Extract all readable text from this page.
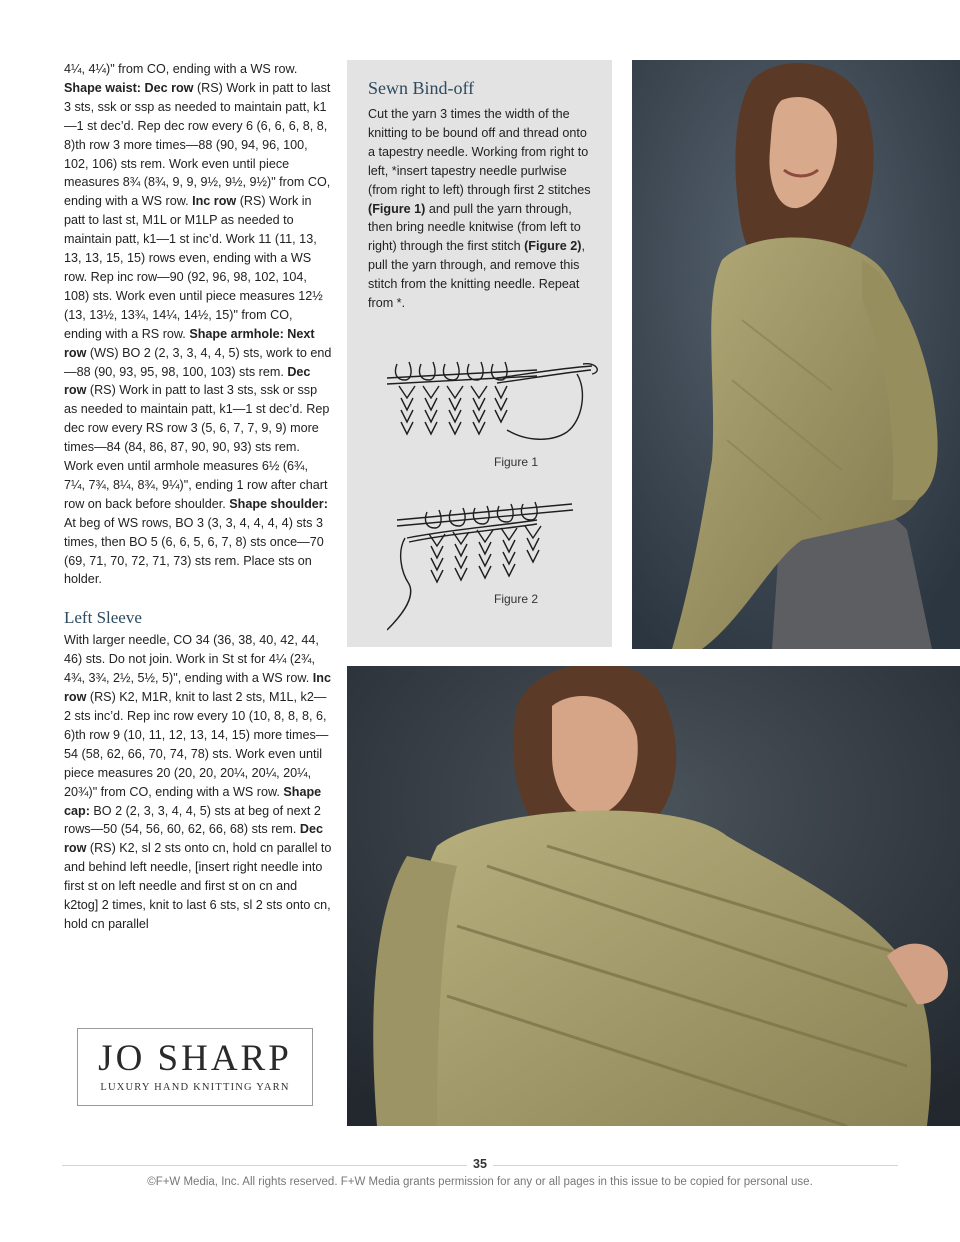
4¼, 4¼)" from CO, ending with a WS row. Shape waist: Dec row (RS) Work in patt to last 3 sts, ssk or ssp as needed to maintain patt, k1—1 st dec’d. Rep dec row every 6 (6, 6, 6, 8, 8, 8)th row 3 more times—88 (90, 94, 96, 100, 102, 106) sts rem. Work even until piece measures 8¾ (8¾, 9, 9, 9½, 9½, 9½)" from CO, ending with a WS row. Inc row (RS) Work in patt to last st, M1L or M1LP as needed to maintain patt, k1—1 st inc’d. Work 11 (11, 13, 13, 13, 15, 15) rows even, ending with a WS row. Rep inc row—90 (92, 96, 98, 102, 104, 108) sts. Work even until piece measures 12½ (13, 13½, 13¾, 14¼, 14½, 15)" from CO, ending with a RS row. Shape armhole: Next row (WS) BO 2 (2, 3, 3, 4, 4, 5) sts, work to end—88 (90, 93, 95, 98, 100, 103) sts rem. Dec row (RS) Work in patt to last 3 sts, ssk or ssp as needed to maintain patt, k1—1 st dec’d. Rep dec row every RS row 3 (5, 6, 7, 7, 9, 9) more times—84 (84, 86, 87, 90, 90, 93) sts rem. Work even until armhole measures 6½ (6¾, 7¼, 7¾, 8¼, 8¾, 9¼)", ending 1 row after chart row on back before shoulder. Shape shoulder: At beg of WS rows, BO 3 (3, 3, 4, 4, 4, 4) sts 3 times, then BO 5 (6, 6, 5, 6, 7, 8) sts once—70 (69, 71, 70, 72, 71, 73) sts rem. Place sts on holder.

Left Sleeve

With larger needle, CO 34 (36, 38, 40, 42, 44, 46) sts. Do not join. Work in St st for 4¼ (2¾, 4¾, 3¾, 2½, 5½, 5)", ending with a WS row. Inc row (RS) K2, M1R, knit to last 2 sts, M1L, k2—2 sts inc’d. Rep inc row every 10 (10, 8, 8, 8, 6, 6)th row 9 (10, 11, 12, 13, 14, 15) more times—54 (58, 62, 66, 70, 74, 78) sts. Work even until piece measures 20 (20, 20, 20¼, 20¼, 20¼, 20¾)" from CO, ending with a WS row. Shape cap: BO 2 (2, 3, 3, 4, 4, 5) sts at beg of next 2 rows—50 (54, 56, 60, 62, 66, 68) sts rem. Dec row (RS) K2, sl 2 sts onto cn, hold cn parallel to and behind left needle, [insert right needle into first st on left needle and first st on cn and k2tog] 2 times, knit to last 6 sts, sl 2 sts onto cn, hold cn parallel

Sewn Bind-off
Cut the yarn 3 times the width of the knitting to be bound off and thread onto a tapestry needle. Working from right to left, *insert tapestry needle purlwise (from right to left) through first 2 stitches (Figure 1) and pull the yarn through, then bring needle knitwise (from left to right) through the first stitch (Figure 2), pull the yarn through, and remove this stitch from the knitting needle. Repeat from *.
Figure 1
Figure 2
JO SHARP
LUXURY HAND KNITTING YARN
35
©F+W Media, Inc. All rights reserved. F+W Media grants permission for any or all pages in this issue to be copied for personal use.
